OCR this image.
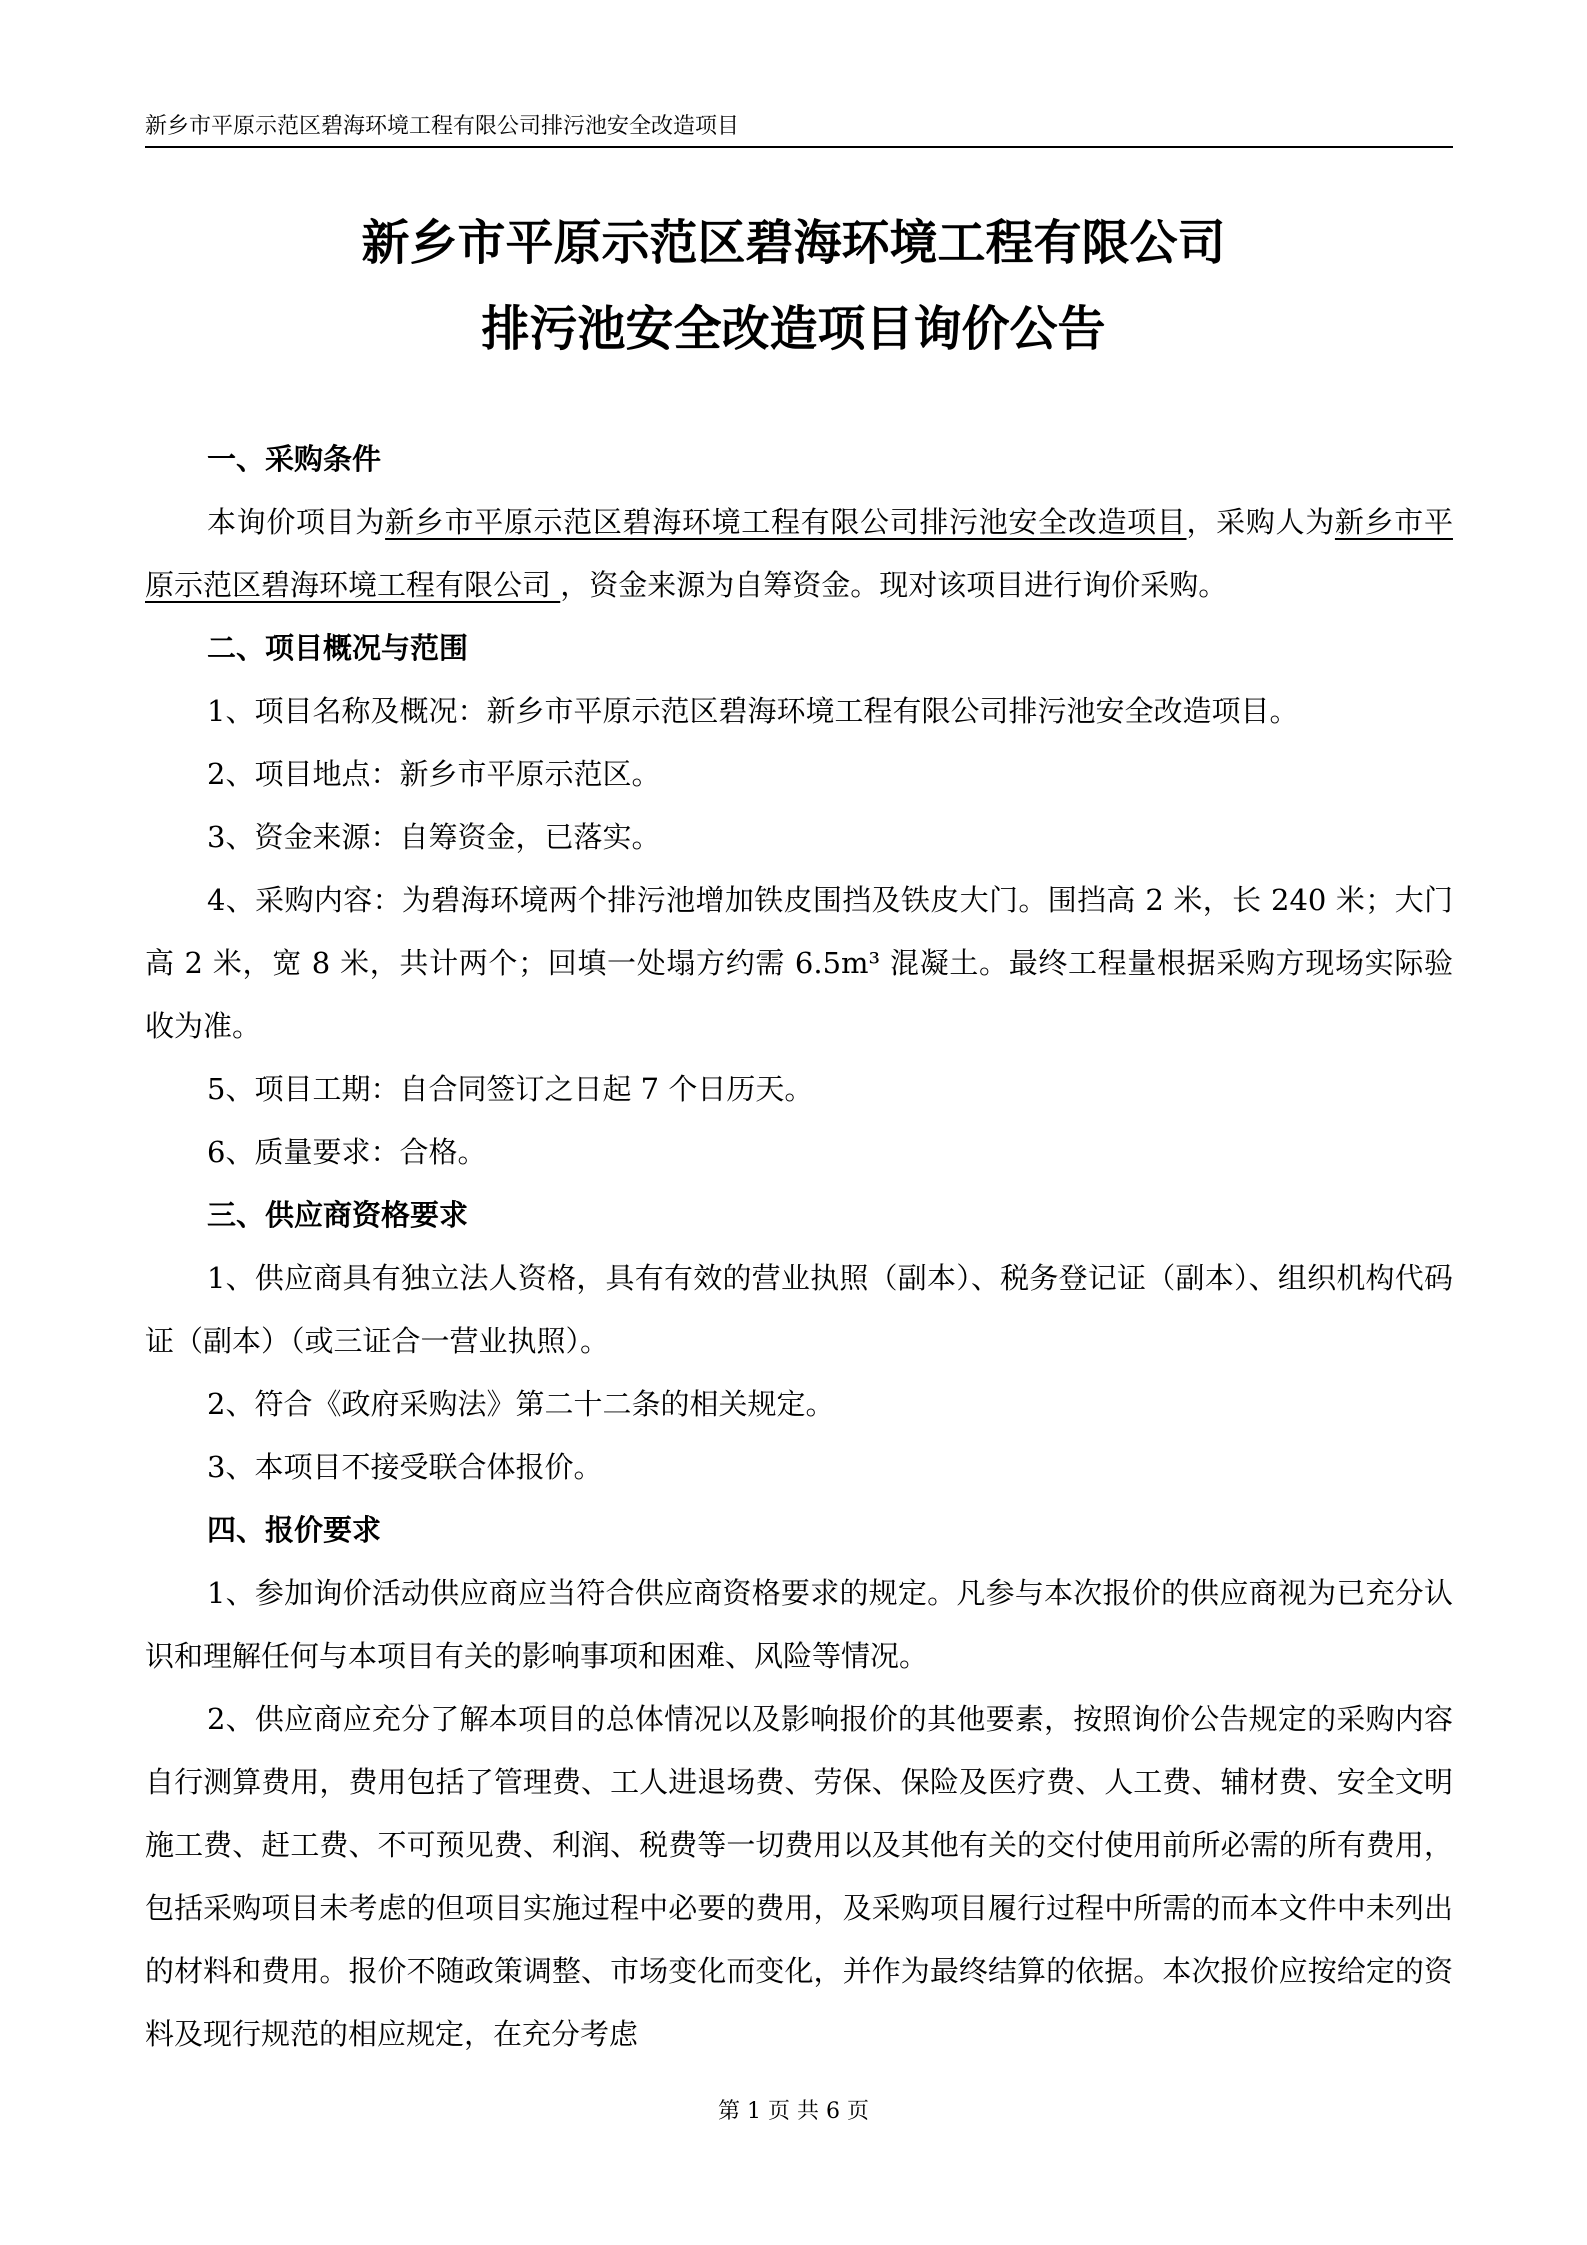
新乡市平原示范区碧海环境工程有限公司排污池安全改造项目
新乡市平原示范区碧海环境工程有限公司
排污池安全改造项目询价公告
一、采购条件
本询价项目为新乡市平原示范区碧海环境工程有限公司排污池安全改造项目，采购人为新乡市平原示范区碧海环境工程有限公司 ，资金来源为自筹资金。现对该项目进行询价采购。
二、项目概况与范围
1、项目名称及概况：新乡市平原示范区碧海环境工程有限公司排污池安全改造项目。
2、项目地点：新乡市平原示范区。
3、资金来源：自筹资金，已落实。
4、采购内容：为碧海环境两个排污池增加铁皮围挡及铁皮大门。围挡高 2 米，长 240 米；大门高 2 米，宽 8 米，共计两个；回填一处塌方约需 6.5m³ 混凝土。最终工程量根据采购方现场实际验收为准。
5、项目工期：自合同签订之日起 7 个日历天。
6、质量要求：合格。
三、供应商资格要求
1、供应商具有独立法人资格，具有有效的营业执照（副本）、税务登记证（副本）、组织机构代码证（副本）（或三证合一营业执照）。
2、符合《政府采购法》第二十二条的相关规定。
3、本项目不接受联合体报价。
四、报价要求
1、参加询价活动供应商应当符合供应商资格要求的规定。凡参与本次报价的供应商视为已充分认识和理解任何与本项目有关的影响事项和困难、风险等情况。
2、供应商应充分了解本项目的总体情况以及影响报价的其他要素，按照询价公告规定的采购内容自行测算费用，费用包括了管理费、工人进退场费、劳保、保险及医疗费、人工费、辅材费、安全文明施工费、赶工费、不可预见费、利润、税费等一切费用以及其他有关的交付使用前所必需的所有费用，包括采购项目未考虑的但项目实施过程中必要的费用，及采购项目履行过程中所需的而本文件中未列出的材料和费用。报价不随政策调整、市场变化而变化，并作为最终结算的依据。本次报价应按给定的资料及现行规范的相应规定，在充分考虑
第 1 页 共 6 页
